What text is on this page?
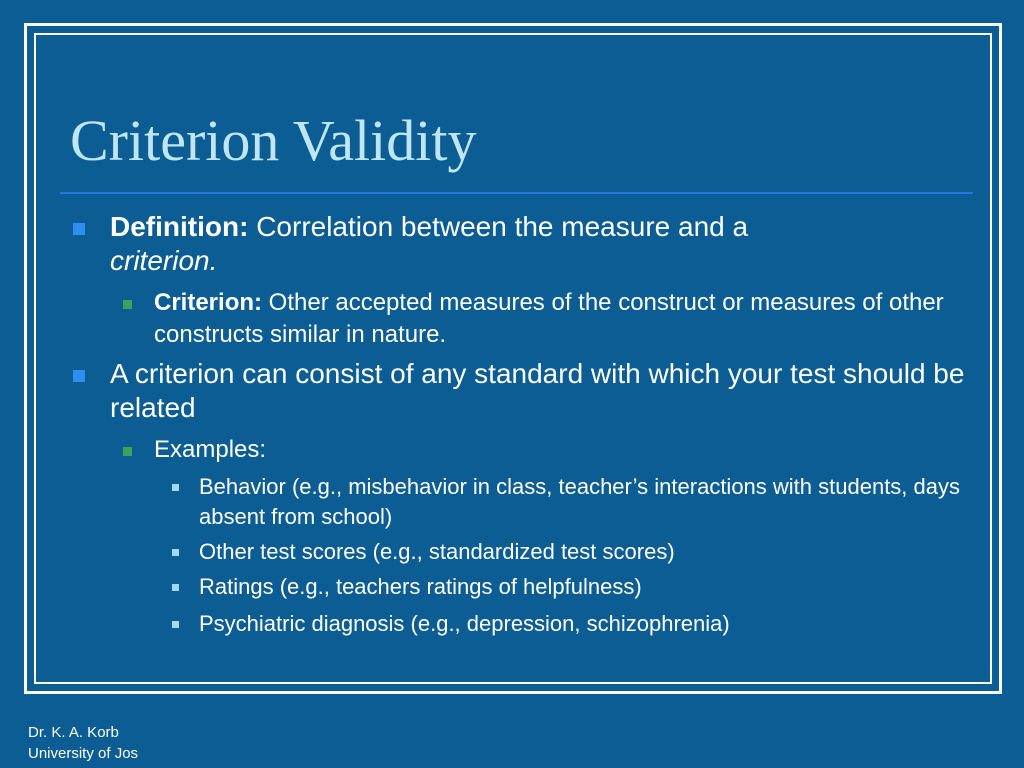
Criterion Validity
Definition: Correlation between the measure and a
criterion.
Criterion: Other accepted measures of the construct or measures of other constructs similar in nature.
A criterion can consist of any standard with which your test should be related
Examples:
Behavior (e.g., misbehavior in class, teacher’s interactions with students, days absent from school)
Other test scores (e.g., standardized test scores)
Ratings (e.g., teachers ratings of helpfulness)
Psychiatric diagnosis (e.g., depression, schizophrenia)
Dr. K. A. Korb
University of Jos
